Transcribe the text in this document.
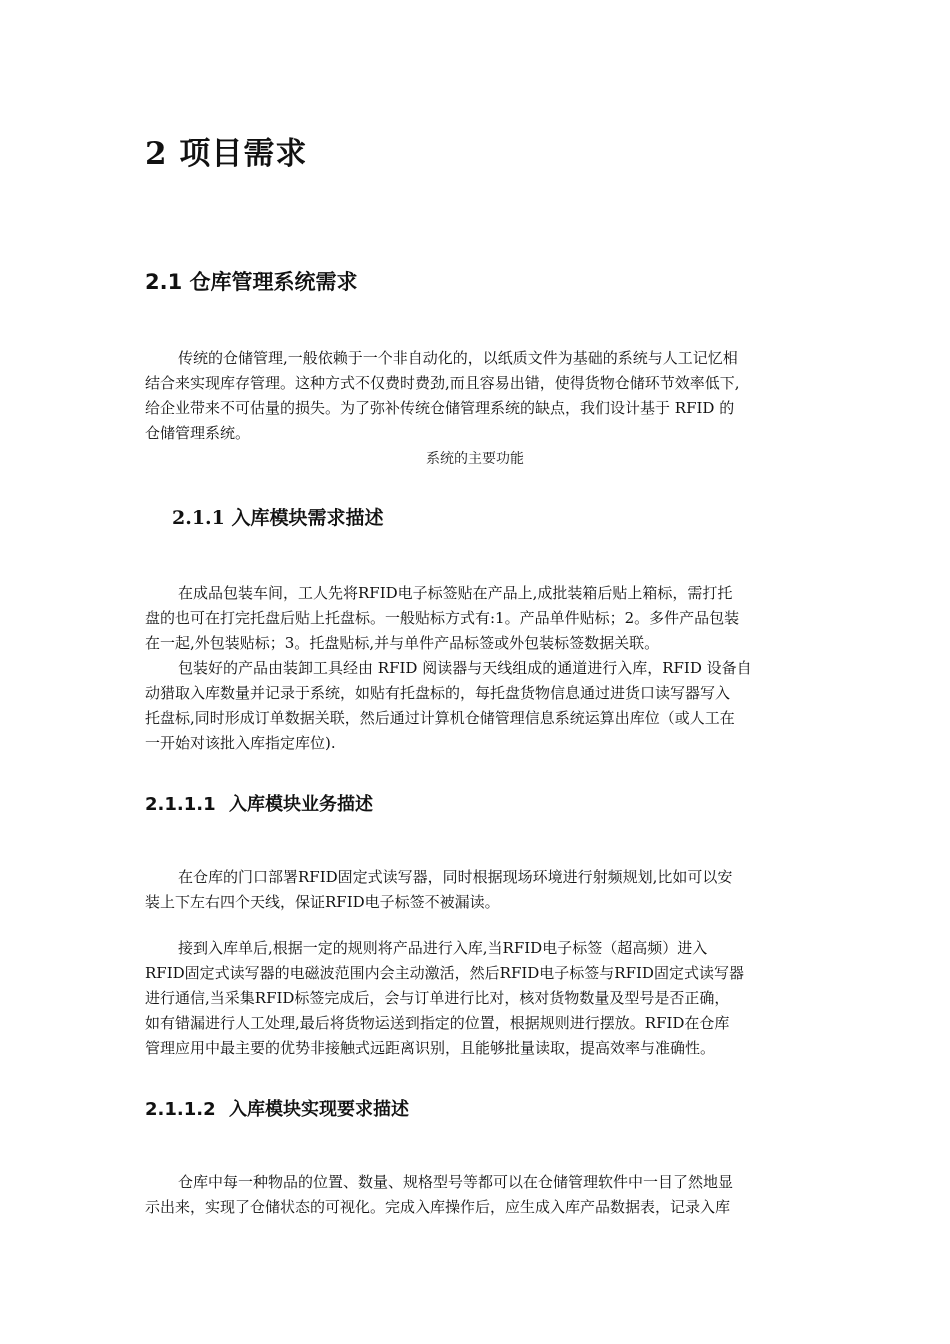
2 项目需求
2.1 仓库管理系统需求
传统的仓储管理,一般依赖于一个非自动化的，以纸质文件为基础的系统与人工记忆相
结合来实现库存管理。这种方式不仅费时费劲,而且容易出错，使得货物仓储环节效率低下,
给企业带来不可估量的损失。为了弥补传统仓储管理系统的缺点，我们设计基于 RFID 的
仓储管理系统。
系统的主要功能
2.1.1 入库模块需求描述
在成品包装车间，工人先将RFID电子标签贴在产品上,成批装箱后贴上箱标，需打托
盘的也可在打完托盘后贴上托盘标。一般贴标方式有:1。产品单件贴标；2。多件产品包装
在一起,外包装贴标；3。托盘贴标,并与单件产品标签或外包装标签数据关联。
包装好的产品由装卸工具经由 RFID 阅读器与天线组成的通道进行入库，RFID 设备自
动猎取入库数量并记录于系统，如贴有托盘标的，每托盘货物信息通过进货口读写器写入
托盘标,同时形成订单数据关联，然后通过计算机仓储管理信息系统运算出库位（或人工在
一开始对该批入库指定库位).
2.1.1.1 入库模块业务描述
在仓库的门口部署RFID固定式读写器，同时根据现场环境进行射频规划,比如可以安
装上下左右四个天线，保证RFID电子标签不被漏读。
接到入库单后,根据一定的规则将产品进行入库,当RFID电子标签（超高频）进入
RFID固定式读写器的电磁波范围内会主动激活，然后RFID电子标签与RFID固定式读写器
进行通信,当采集RFID标签完成后，会与订单进行比对，核对货物数量及型号是否正确，
如有错漏进行人工处理,最后将货物运送到指定的位置，根据规则进行摆放。RFID在仓库
管理应用中最主要的优势非接触式远距离识别，且能够批量读取，提高效率与准确性。
2.1.1.2 入库模块实现要求描述
仓库中每一种物品的位置、数量、规格型号等都可以在仓储管理软件中一目了然地显
示出来，实现了仓储状态的可视化。完成入库操作后，应生成入库产品数据表，记录入库
